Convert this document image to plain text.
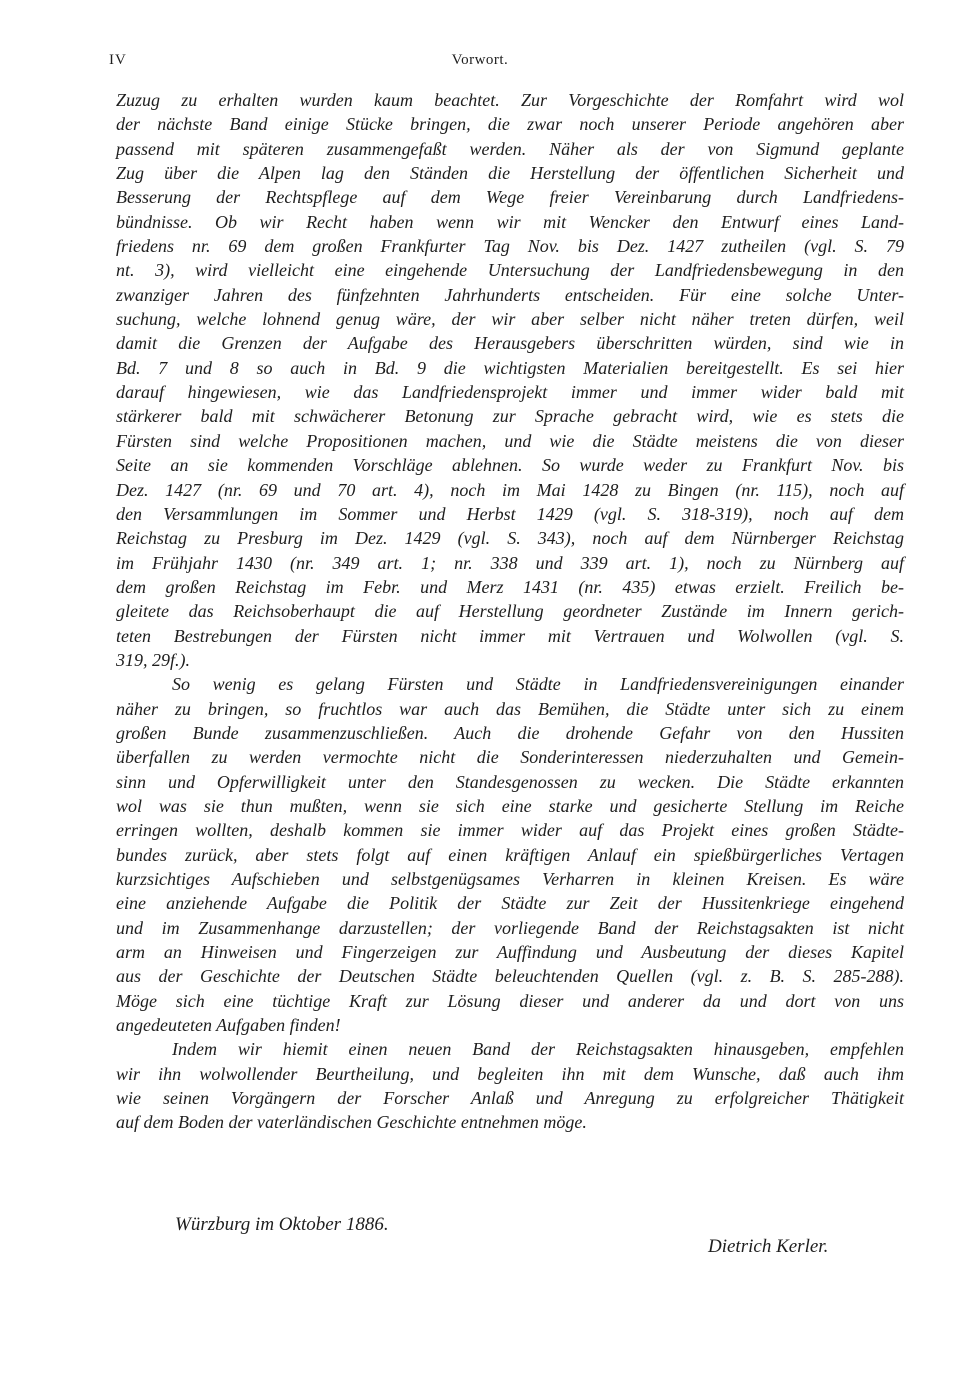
IV	Vorwort.
Zuzug zu erhalten wurden kaum beachtet. Zur Vorgeschichte der Romfahrt wird wol
der nächste Band einige Stücke bringen, die zwar noch unserer Periode angehören aber
passend mit späteren zusammengefaßt werden. Näher als der von Sigmund geplante
Zug über die Alpen lag den Ständen die Herstellung der öffentlichen Sicherheit und
Besserung der Rechtspflege auf dem Wege freier Vereinbarung durch Landfriedens-
bündnisse. Ob wir Recht haben wenn wir mit Wencker den Entwurf eines Land-
friedens nr. 69 dem großen Frankfurter Tag Nov. bis Dez. 1427 zutheilen (vgl. S. 79
nt. 3), wird vielleicht eine eingehende Untersuchung der Landfriedensbewegung in den
zwanziger Jahren des fünfzehnten Jahrhunderts entscheiden. Für eine solche Unter-
suchung, welche lohnend genug wäre, der wir aber selber nicht näher treten dürfen, weil
damit die Grenzen der Aufgabe des Herausgebers überschritten würden, sind wie in
Bd. 7 und 8 so auch in Bd. 9 die wichtigsten Materialien bereitgestellt. Es sei hier
darauf hingewiesen, wie das Landfriedensprojekt immer und immer wider bald mit
stärkerer bald mit schwächerer Betonung zur Sprache gebracht wird, wie es stets die
Fürsten sind welche Propositionen machen, und wie die Städte meistens die von dieser
Seite an sie kommenden Vorschläge ablehnen. So wurde weder zu Frankfurt Nov. bis
Dez. 1427 (nr. 69 und 70 art. 4), noch im Mai 1428 zu Bingen (nr. 115), noch auf
den Versammlungen im Sommer und Herbst 1429 (vgl. S. 318-319), noch auf dem
Reichstag zu Presburg im Dez. 1429 (vgl. S. 343), noch auf dem Nürnberger Reichstag
im Frühjahr 1430 (nr. 349 art. 1; nr. 338 und 339 art. 1), noch zu Nürnberg auf
dem großen Reichstag im Febr. und Merz 1431 (nr. 435) etwas erzielt. Freilich be-
gleitete das Reichsoberhaupt die auf Herstellung geordneter Zustände im Innern gerich-
teten Bestrebungen der Fürsten nicht immer mit Vertrauen und Wolwollen (vgl. S.
319, 29f.).
So wenig es gelang Fürsten und Städte in Landfriedensvereinigungen einander
näher zu bringen, so fruchtlos war auch das Bemühen, die Städte unter sich zu einem
großen Bunde zusammenzuschließen. Auch die drohende Gefahr von den Hussiten
überfallen zu werden vermochte nicht die Sonderinteressen niederzuhalten und Gemein-
sinn und Opferwilligkeit unter den Standesgenossen zu wecken. Die Städte erkannten
wol was sie thun mußten, wenn sie sich eine starke und gesicherte Stellung im Reiche
erringen wollten, deshalb kommen sie immer wider auf das Projekt eines großen Städte-
bundes zurück, aber stets folgt auf einen kräftigen Anlauf ein spießbürgerliches Vertagen
kurzsichtiges Aufschieben und selbstgenügsames Verharren in kleinen Kreisen. Es wäre
eine anziehende Aufgabe die Politik der Städte zur Zeit der Hussitenkriege eingehend
und im Zusammenhange darzustellen; der vorliegende Band der Reichstagsakten ist nicht
arm an Hinweisen und Fingerzeigen zur Auffindung und Ausbeutung der dieses Kapitel
aus der Geschichte der Deutschen Städte beleuchtenden Quellen (vgl. z. B. S. 285-288).
Möge sich eine tüchtige Kraft zur Lösung dieser und anderer da und dort von uns
angedeuteten Aufgaben finden!
Indem wir hiemit einen neuen Band der Reichstagsakten hinausgeben, empfehlen
wir ihn wolwollender Beurtheilung, und begleiten ihn mit dem Wunsche, daß auch ihm
wie seinen Vorgängern der Forscher Anlaß und Anregung zu erfolgreicher Thätigkeit
auf dem Boden der vaterländischen Geschichte entnehmen möge.
Würzburg im Oktober 1886.
Dietrich Kerler.
